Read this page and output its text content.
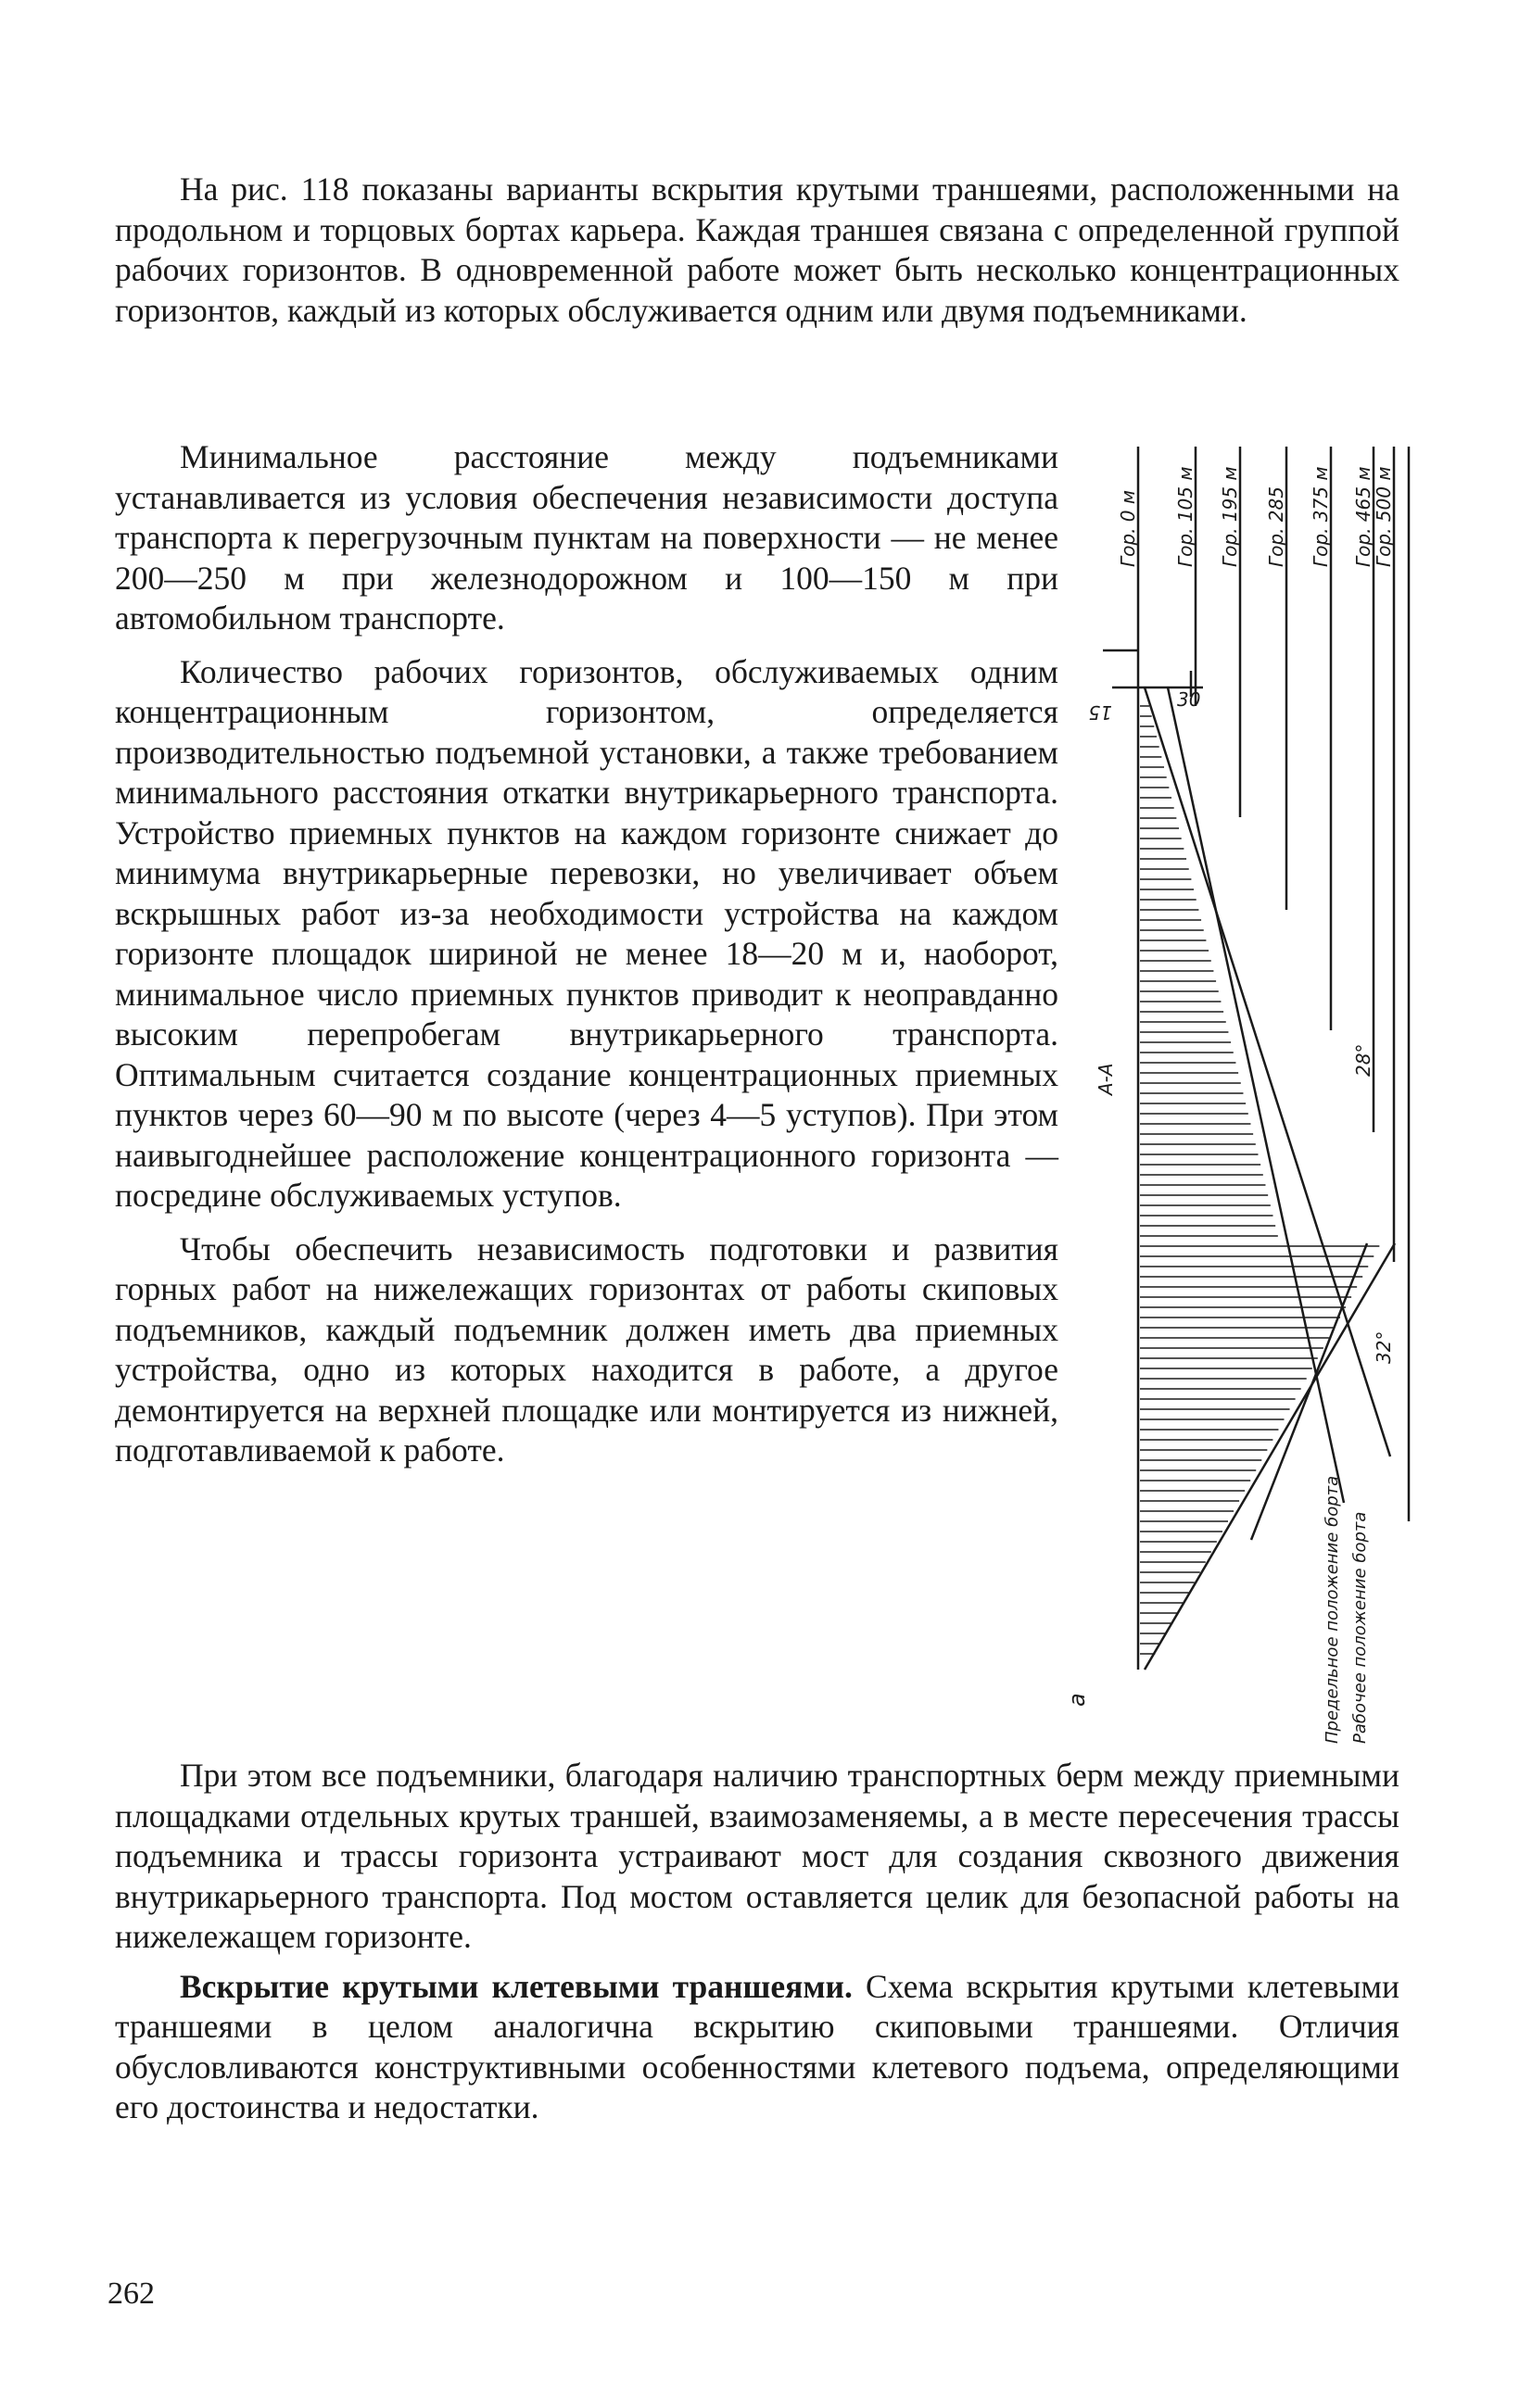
На рис. 118 показаны варианты вскрытия крутыми траншеями, расположенными на продольном и торцовых бортах карьера. Каждая траншея связана с определенной группой рабочих горизонтов. В одновременной работе может быть несколько концентрационных горизонтов, каждый из которых обслуживается одним или двумя подъемниками.

Минимальное расстояние между подъемниками устанавливается из условия обеспечения независимости доступа транспорта к перегрузочным пунктам на поверхности — не менее 200—250 м при железнодорожном и 100—150 м при автомобильном транспорте.

Количество рабочих горизонтов, обслуживаемых одним концентрационным горизонтом, определяется производительностью подъемной установки, а также требованием минимального расстояния откатки внутрикарьерного транспорта. Устройство приемных пунктов на каждом горизонте снижает до минимума внутрикарьерные перевозки, но увеличивает объем вскрышных работ из-за необходимости устройства на каждом горизонте площадок шириной не менее 18—20 м и, наоборот, минимальное число приемных пунктов приводит к неоправданно высоким перепробегам внутрикарьерного транспорта. Оптимальным считается создание концентрационных приемных пунктов через 60—90 м по высоте (через 4—5 уступов). При этом наивыгоднейшее расположение концентрационного горизонта — посредине обслуживаемых уступов.

Чтобы обеспечить независимость подготовки и развития горных работ на нижележащих горизонтах от работы скиповых подъемников, каждый подъемник должен иметь два приемных устройства, одно из которых находится в работе, а другое демонтируется на верхней площадке или монтируется из нижней, подготавливаемой к работе.

При этом все подъемники, благодаря наличию транспортных берм между приемными площадками отдельных крутых траншей, взаимозаменяемы, а в месте пересечения трассы подъемника и трассы горизонта устраивают мост для создания сквозного движения внутрикарьерного транспорта. Под мостом оставляется целик для безопасной работы на нижележащем горизонте.

Вскрытие крутыми клетевыми траншеями. Схема вскрытия крутыми клетевыми траншеями в целом аналогична вскрытию скиповыми траншеями. Отличия обусловливаются конструктивными особенностями клетевого подъема, определяющими его достоинства и недостатки.

262
Гор. 0 м Гор. 105 м Гор. 195 м Гор. 285 Гор. 375 м Гор. 465 м
Гор. 500 м
15
30
А-А
28°
32°
Предельное положение борта Рабочее положение борта
а
